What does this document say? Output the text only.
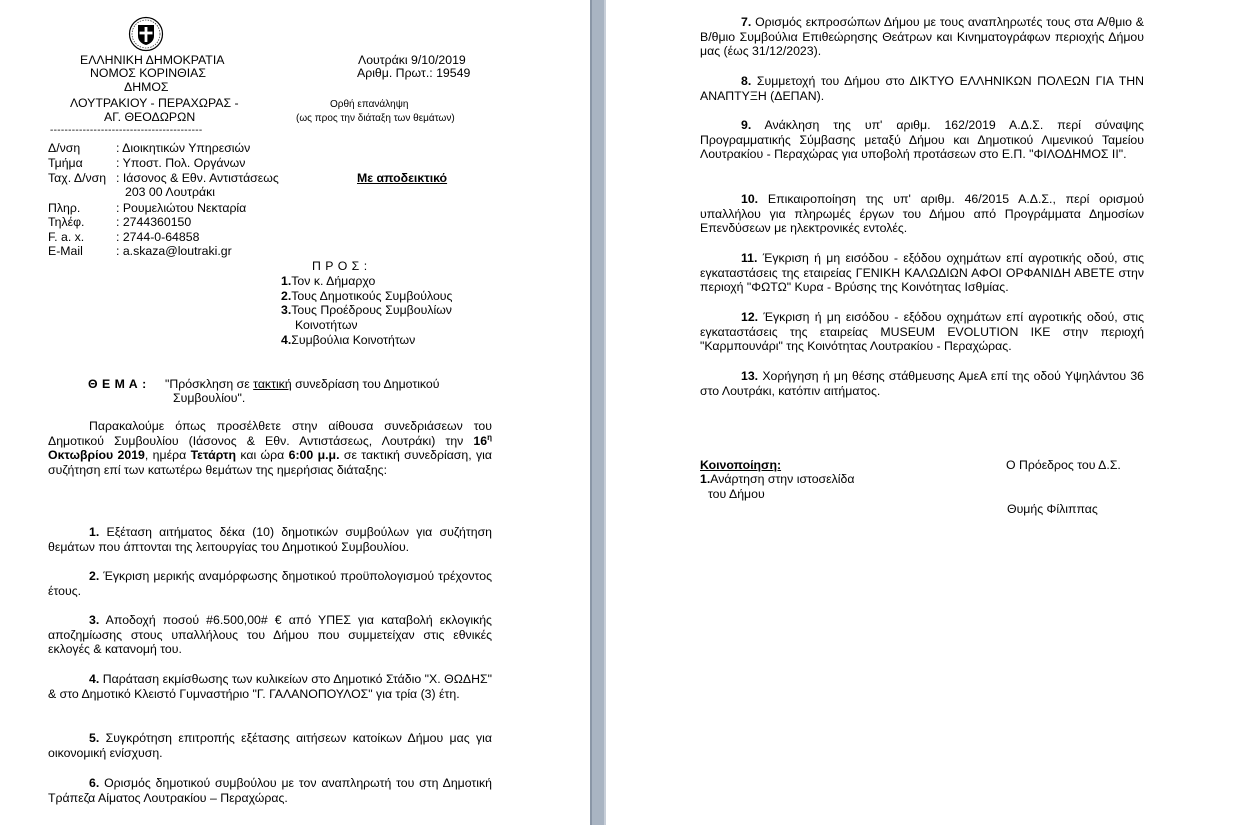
ΕΛΛΗΝΙΚΗ ΔΗΜΟΚΡΑΤΙΑ
ΝΟΜΟΣ ΚΟΡΙΝΘΙΑΣ
ΔΗΜΟΣ
ΛΟΥΤΡΑΚΙΟΥ - ΠΕΡΑΧΩΡΑΣ -
ΑΓ. ΘΕΟΔΩΡΩΝ
------------------------------------------
Λουτράκι 9/10/2019
Αριθμ. Πρωτ.: 19549
Ορθή επανάληψη
(ως προς την διάταξη των θεμάτων)
Με αποδεικτικό
Δ/νση	: Διοικητικών Υπηρεσιών
Τμήμα	: Υποστ. Πολ. Οργάνων
Ταχ. Δ/νση : Ιάσονος & Εθν. Αντιστάσεως
203 00 Λουτράκι
Πληρ.	: Ρουμελιώτου Νεκταρία
Τηλέφ.	: 2744360150
F. a. x.	: 2744-0-64858
E-Mail	: a.skaza@loutraki.gr
Π Ρ Ο Σ :
1.Τον κ. Δήμαρχο
2.Τους Δημοτικούς Συμβούλους
3.Τους Προέδρους Συμβουλίων
Κοινοτήτων
4.Συμβούλια Κοινοτήτων
Θ Ε Μ Α : "Πρόσκληση σε τακτική συνεδρίαση του Δημοτικού
Συμβουλίου".
Παρακαλούμε όπως προσέλθετε στην αίθουσα συνεδριάσεων του Δημοτικού Συμβουλίου (Ιάσονος & Εθν. Αντιστάσεως, Λουτράκι) την $16^\eta$ Οκτωβρίου 2019, ημέρα Τετάρτη και ώρα 6:00 μ.μ. σε τακτική συνεδρίαση, για συζήτηση επί των κατωτέρω θεμάτων της ημερήσιας διάταξης:
1. Εξέταση αιτήματος δέκα (10) δημοτικών συμβούλων για συζήτηση θεμάτων που άπτονται της λειτουργίας του Δημοτικού Συμβουλίου.
2. Έγκριση μερικής αναμόρφωσης δημοτικού προϋπολογισμού τρέχοντος έτους.
3. Αποδοχή ποσού #6.500,00# € από ΥΠΕΣ για καταβολή εκλογικής αποζημίωσης στους υπαλλήλους του Δήμου που συμμετείχαν στις εθνικές εκλογές & κατανομή του.
4. Παράταση εκμίσθωσης των κυλικείων στο Δημοτικό Στάδιο "Χ. ΘΩΔΗΣ" & στο Δημοτικό Κλειστό Γυμναστήριο "Γ. ΓΑΛΑΝΟΠΟΥΛΟΣ" για τρία (3) έτη.
5. Συγκρότηση επιτροπής εξέτασης αιτήσεων κατοίκων Δήμου μας για οικονομική ενίσχυση.
6. Ορισμός δημοτικού συμβούλου με τον αναπληρωτή του στη Δημοτική Τράπεζα Αίματος Λουτρακίου – Περαχώρας.
7. Ορισμός εκπροσώπων Δήμου με τους αναπληρωτές τους στα Α/θμιο & Β/θμιο Συμβούλια Επιθεώρησης Θεάτρων και Κινηματογράφων περιοχής Δήμου μας (έως 31/12/2023).
8. Συμμετοχή του Δήμου στο ΔΙΚΤΥΟ ΕΛΛΗΝΙΚΩΝ ΠΟΛΕΩΝ ΓΙΑ ΤΗΝ ΑΝΑΠΤΥΞΗ (ΔΕΠΑΝ).
9. Ανάκληση της υπ' αριθμ. 162/2019 Α.Δ.Σ. περί σύναψης Προγραμματικής Σύμβασης μεταξύ Δήμου και Δημοτικού Λιμενικού Ταμείου Λουτρακίου - Περαχώρας για υποβολή προτάσεων στο Ε.Π. "ΦΙΛΟΔΗΜΟΣ ΙΙ".
10. Επικαιροποίηση της υπ' αριθμ. 46/2015 Α.Δ.Σ., περί ορισμού υπαλλήλου για πληρωμές έργων του Δήμου από Προγράμματα Δημοσίων Επενδύσεων με ηλεκτρονικές εντολές.
11. Έγκριση ή μη εισόδου - εξόδου οχημάτων επί αγροτικής οδού, στις εγκαταστάσεις της εταιρείας ΓΕΝΙΚΗ ΚΑΛΩΔΙΩΝ ΑΦΟΙ ΟΡΦΑΝΙΔΗ ΑΒΕΤΕ στην περιοχή "ΦΩΤΩ" Κυρα - Βρύσης της Κοινότητας Ισθμίας.
12. Έγκριση ή μη εισόδου - εξόδου οχημάτων επί αγροτικής οδού, στις εγκαταστάσεις της εταιρείας MUSEUM EVOLUTION IKE στην περιοχή "Καρμπουνάρι" της Κοινότητας Λουτρακίου - Περαχώρας.
13. Χορήγηση ή μη θέσης στάθμευσης ΑμεΑ επί της οδού Υψηλάντου 36 στο Λουτράκι, κατόπιν αιτήματος.
Κοινοποίηση:
1.Ανάρτηση στην ιστοσελίδα
του Δήμου
Ο Πρόεδρος του Δ.Σ.
Θυμής Φίλιππας
